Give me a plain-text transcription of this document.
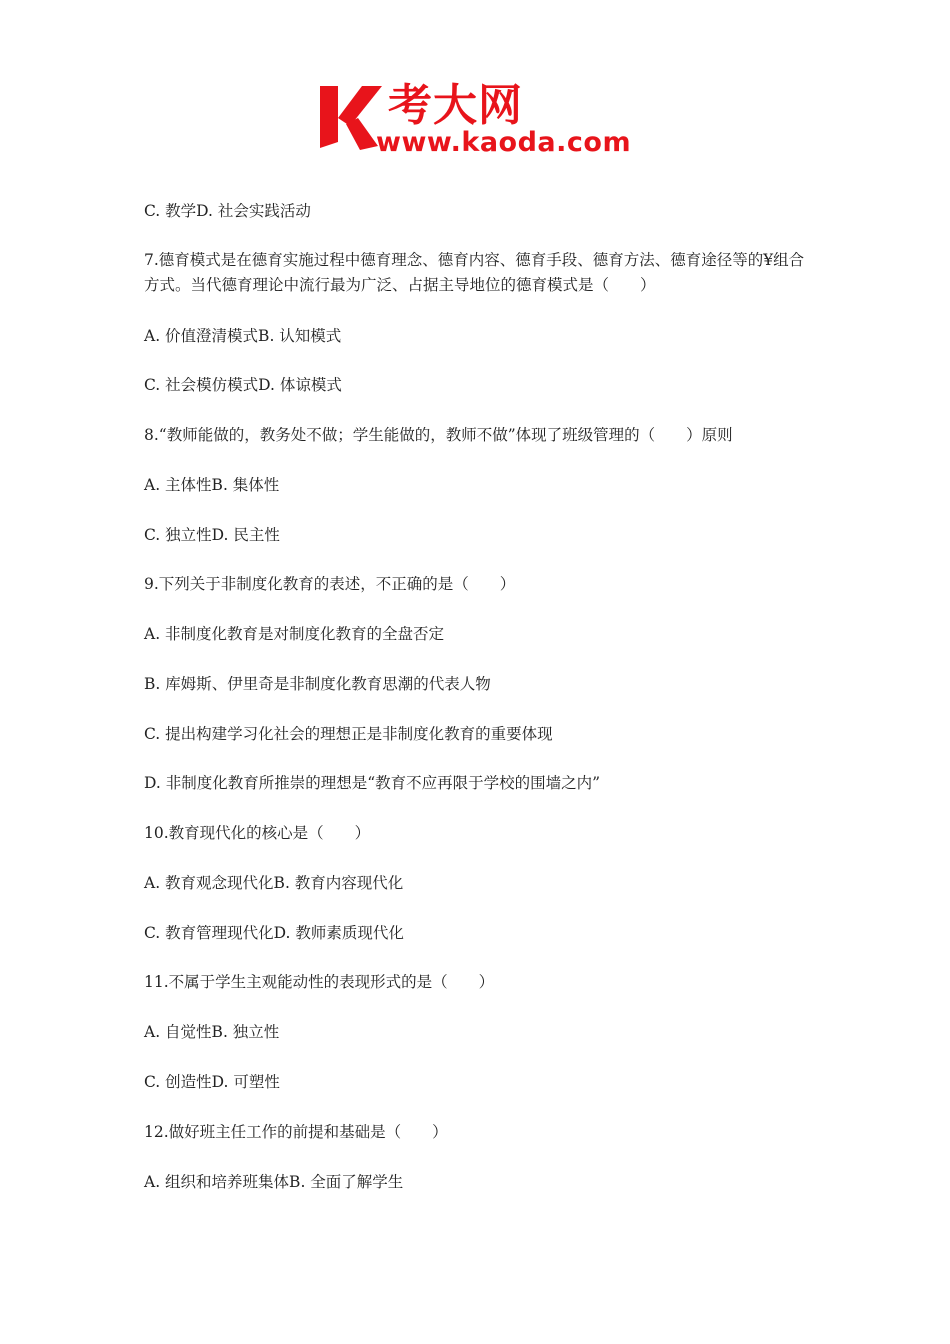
考大网
www.kaoda.com
C. 教学D. 社会实践活动
7.德育模式是在德育实施过程中德育理念、德育内容、德育手段、德育方法、德育途径等的¥组合方式。当代德育理论中流行最为广泛、占据主导地位的德育模式是（　　）
A. 价值澄清模式B. 认知模式
C. 社会模仿模式D. 体谅模式
8.“教师能做的，教务处不做；学生能做的，教师不做”体现了班级管理的（　　）原则
A. 主体性B. 集体性
C. 独立性D. 民主性
9.下列关于非制度化教育的表述，不正确的是（　　）
A. 非制度化教育是对制度化教育的全盘否定
B. 库姆斯、伊里奇是非制度化教育思潮的代表人物
C. 提出构建学习化社会的理想正是非制度化教育的重要体现
D. 非制度化教育所推崇的理想是“教育不应再限于学校的围墙之内”
10.教育现代化的核心是（　　）
A. 教育观念现代化B. 教育内容现代化
C. 教育管理现代化D. 教师素质现代化
11.不属于学生主观能动性的表现形式的是（　　）
A. 自觉性B. 独立性
C. 创造性D. 可塑性
12.做好班主任工作的前提和基础是（　　）
A. 组织和培养班集体B. 全面了解学生
